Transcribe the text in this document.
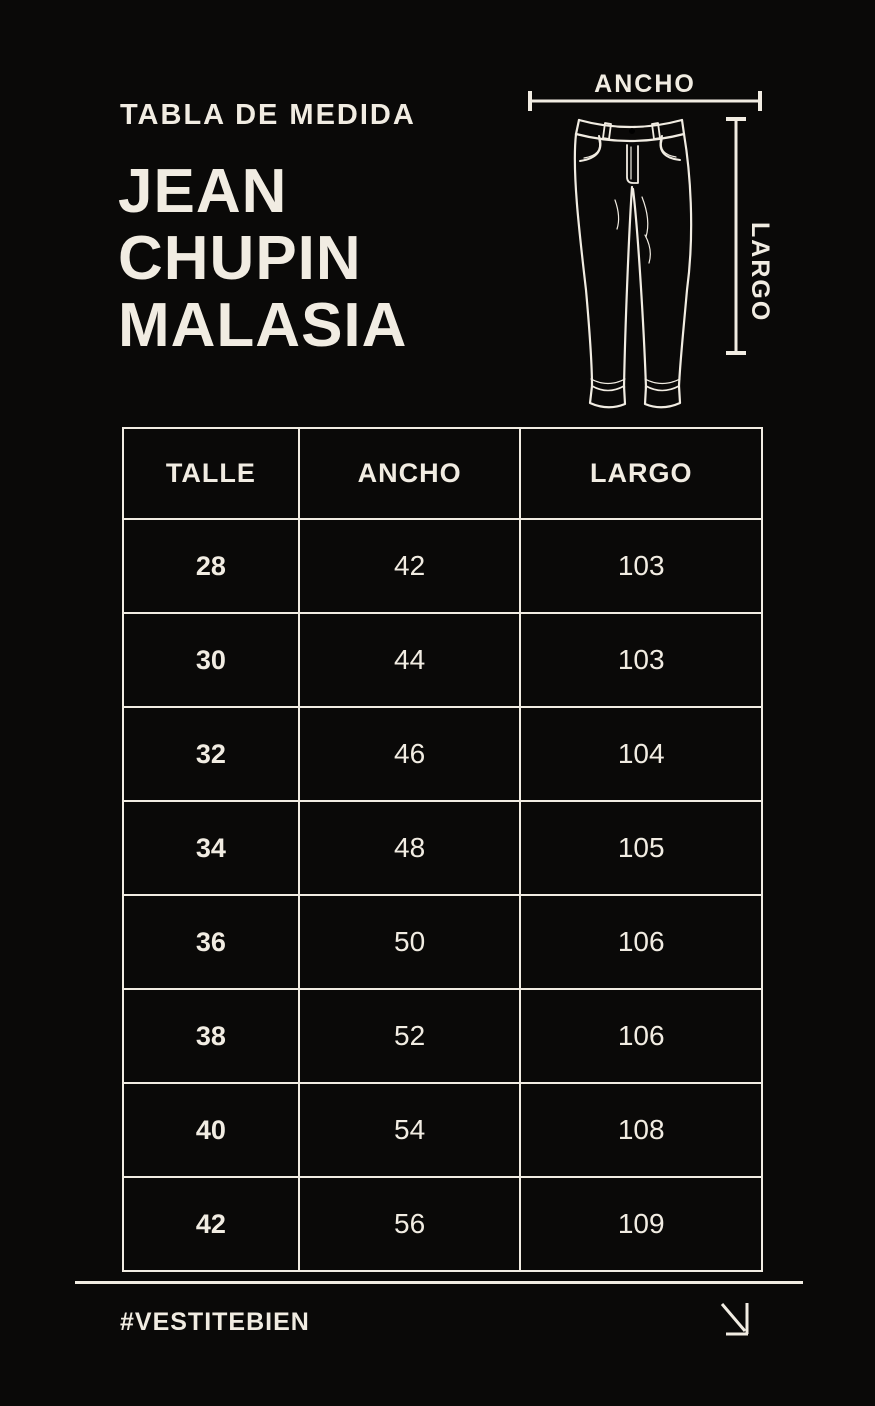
TABLA DE MEDIDA
JEAN
CHUPIN
MALASIA
ANCHO
LARGO
TALLE	ANCHO	LARGO
28	42	103
30	44	103
32	46	104
34	48	105
36	50	106
38	52	106
40	54	108
42	56	109
#VESTITEBIEN
